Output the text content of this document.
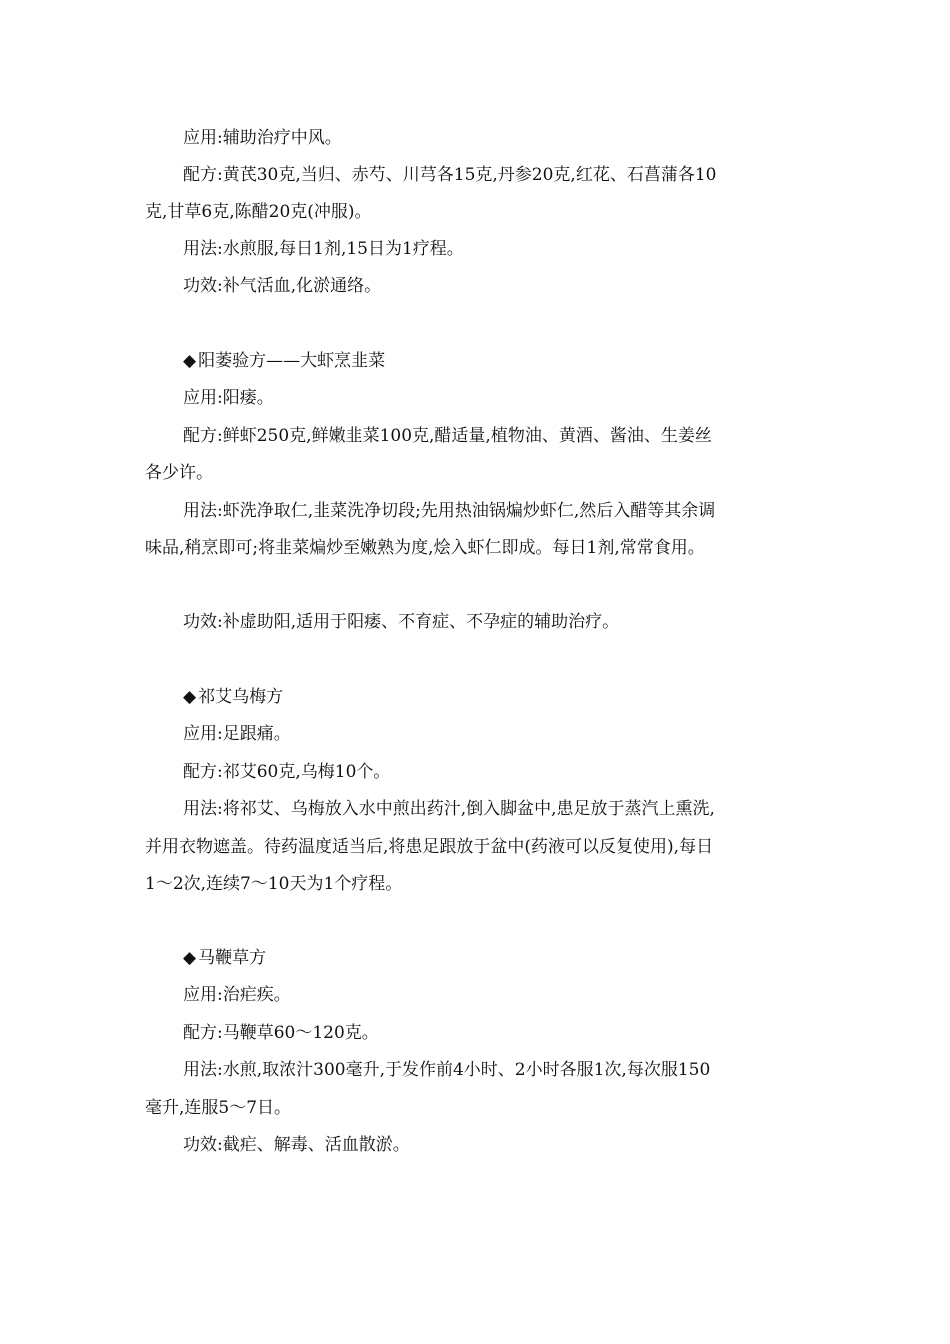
应用:辅助治疗中风。
配方:黄芪30克,当归、赤芍、川芎各15克,丹参20克,红花、石菖蒲各10
克,甘草6克,陈醋20克(冲服)。
用法:水煎服,每日1剂,15日为1疗程。
功效:补气活血,化淤通络。
◆ 阳萎验方——大虾烹韭菜
应用:阳痿。
配方:鲜虾250克,鲜嫩韭菜100克,醋适量,植物油、黄酒、酱油、生姜丝
各少许。
用法:虾洗净取仁,韭菜洗净切段;先用热油锅煸炒虾仁,然后入醋等其余调
味品,稍烹即可;将韭菜煸炒至嫩熟为度,烩入虾仁即成。每日1剂,常常食用。
功效:补虚助阳,适用于阳痿、不育症、不孕症的辅助治疗。
◆ 祁艾乌梅方
应用:足跟痛。
配方:祁艾60克,乌梅10个。
用法:将祁艾、乌梅放入水中煎出药汁,倒入脚盆中,患足放于蒸汽上熏洗,
并用衣物遮盖。待药温度适当后,将患足跟放于盆中(药液可以反复使用),每日
1～2次,连续7～10天为1个疗程。
◆ 马鞭草方
应用:治疟疾。
配方:马鞭草60～120克。
用法:水煎,取浓汁300毫升,于发作前4小时、2小时各服1次,每次服150
毫升,连服5～7日。
功效:截疟、解毒、活血散淤。
